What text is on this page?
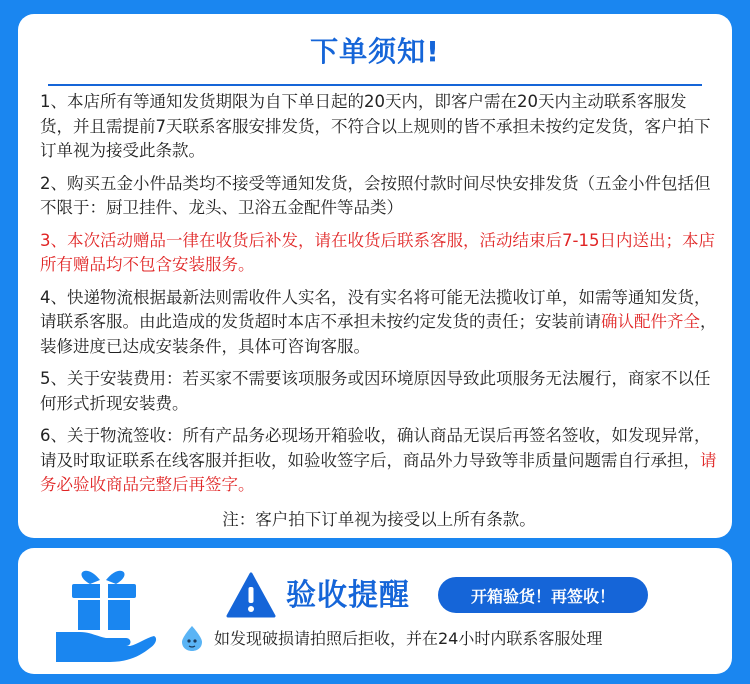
下单须知!

1、本店所有等通知发货期限为自下单日起的20天内，即客户需在20天内主动联系客服发货，并且需提前7天联系客服安排发货，不符合以上规则的皆不承担未按约定发货，客户拍下订单视为接受此条款。

2、购买五金小件品类均不接受等通知发货，会按照付款时间尽快安排发货（五金小件包括但不限于：厨卫挂件、龙头、卫浴五金配件等品类）

3、本次活动赠品一律在收货后补发，请在收货后联系客服，活动结束后7-15日内送出；本店所有赠品均不包含安装服务。

4、快递物流根据最新法则需收件人实名，没有实名将可能无法揽收订单，如需等通知发货，请联系客服。由此造成的发货超时本店不承担未按约定发货的责任；安装前请确认配件齐全，装修进度已达成安装条件，具体可咨询客服。

5、关于安装费用：若买家不需要该项服务或因环境原因导致此项服务无法履行，商家不以任何形式折现安装费。

6、关于物流签收：所有产品务必现场开箱验收，确认商品无误后再签名签收，如发现异常，请及时取证联系在线客服并拒收，如验收签字后，商品外力导致等非质量问题需自行承担，请务必验收商品完整后再签字。

注：客户拍下订单视为接受以上所有条款。

验收提醒	开箱验货！再签收！
如发现破损请拍照后拒收，并在24小时内联系客服处理
